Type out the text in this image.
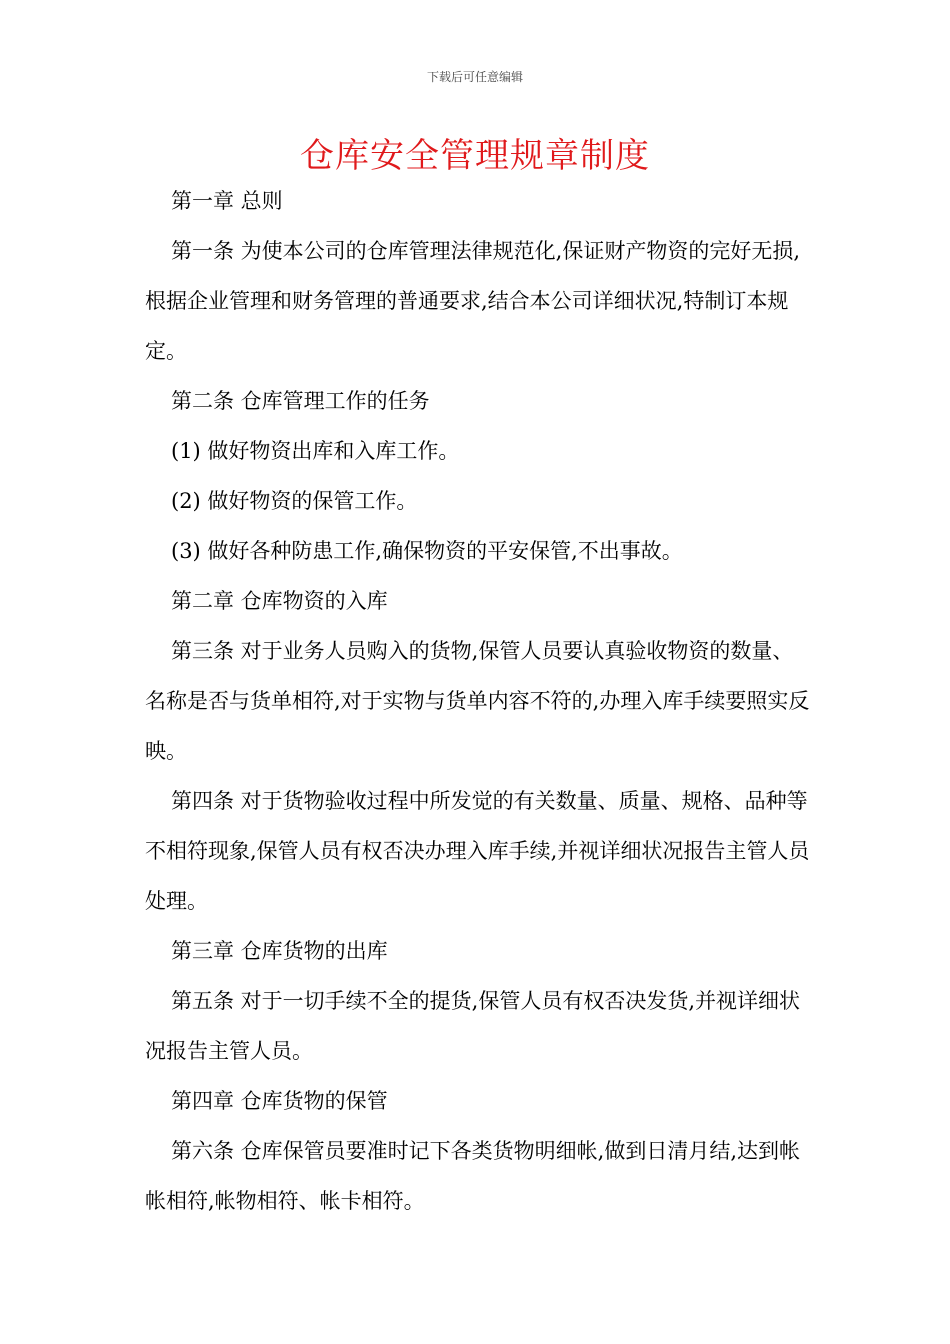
下载后可任意编辑
仓库安全管理规章制度

第一章 总则

第一条 为使本公司的仓库管理法律规范化,保证财产物资的完好无损,根据企业管理和财务管理的普通要求,结合本公司详细状况,特制订本规定。

第二条 仓库管理工作的任务

(1) 做好物资出库和入库工作。

(2) 做好物资的保管工作。

(3) 做好各种防患工作,确保物资的平安保管,不出事故。

第二章 仓库物资的入库

第三条 对于业务人员购入的货物,保管人员要认真验收物资的数量、名称是否与货单相符,对于实物与货单内容不符的,办理入库手续要照实反映。

第四条 对于货物验收过程中所发觉的有关数量、质量、规格、品种等不相符现象,保管人员有权否决办理入库手续,并视详细状况报告主管人员处理。

第三章 仓库货物的出库

第五条 对于一切手续不全的提货,保管人员有权否决发货,并视详细状况报告主管人员。

第四章 仓库货物的保管

第六条 仓库保管员要准时记下各类货物明细帐,做到日清月结,达到帐帐相符,帐物相符、帐卡相符。
